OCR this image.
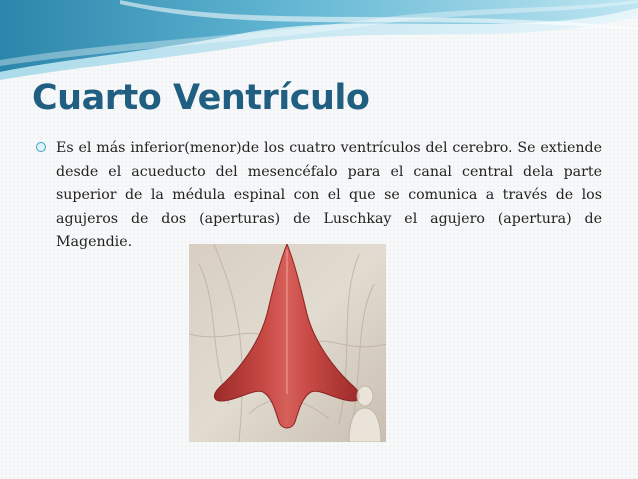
Cuarto Ventrículo

Es el más inferior(menor)de los cuatro ventrículos del cerebro. Se extiende desde el acueducto del mesencéfalo para el canal central dela parte superior de la médula espinal con el que se comunica a través de los agujeros de dos (aperturas) de Luschkay el agujero (apertura) de Magendie.
